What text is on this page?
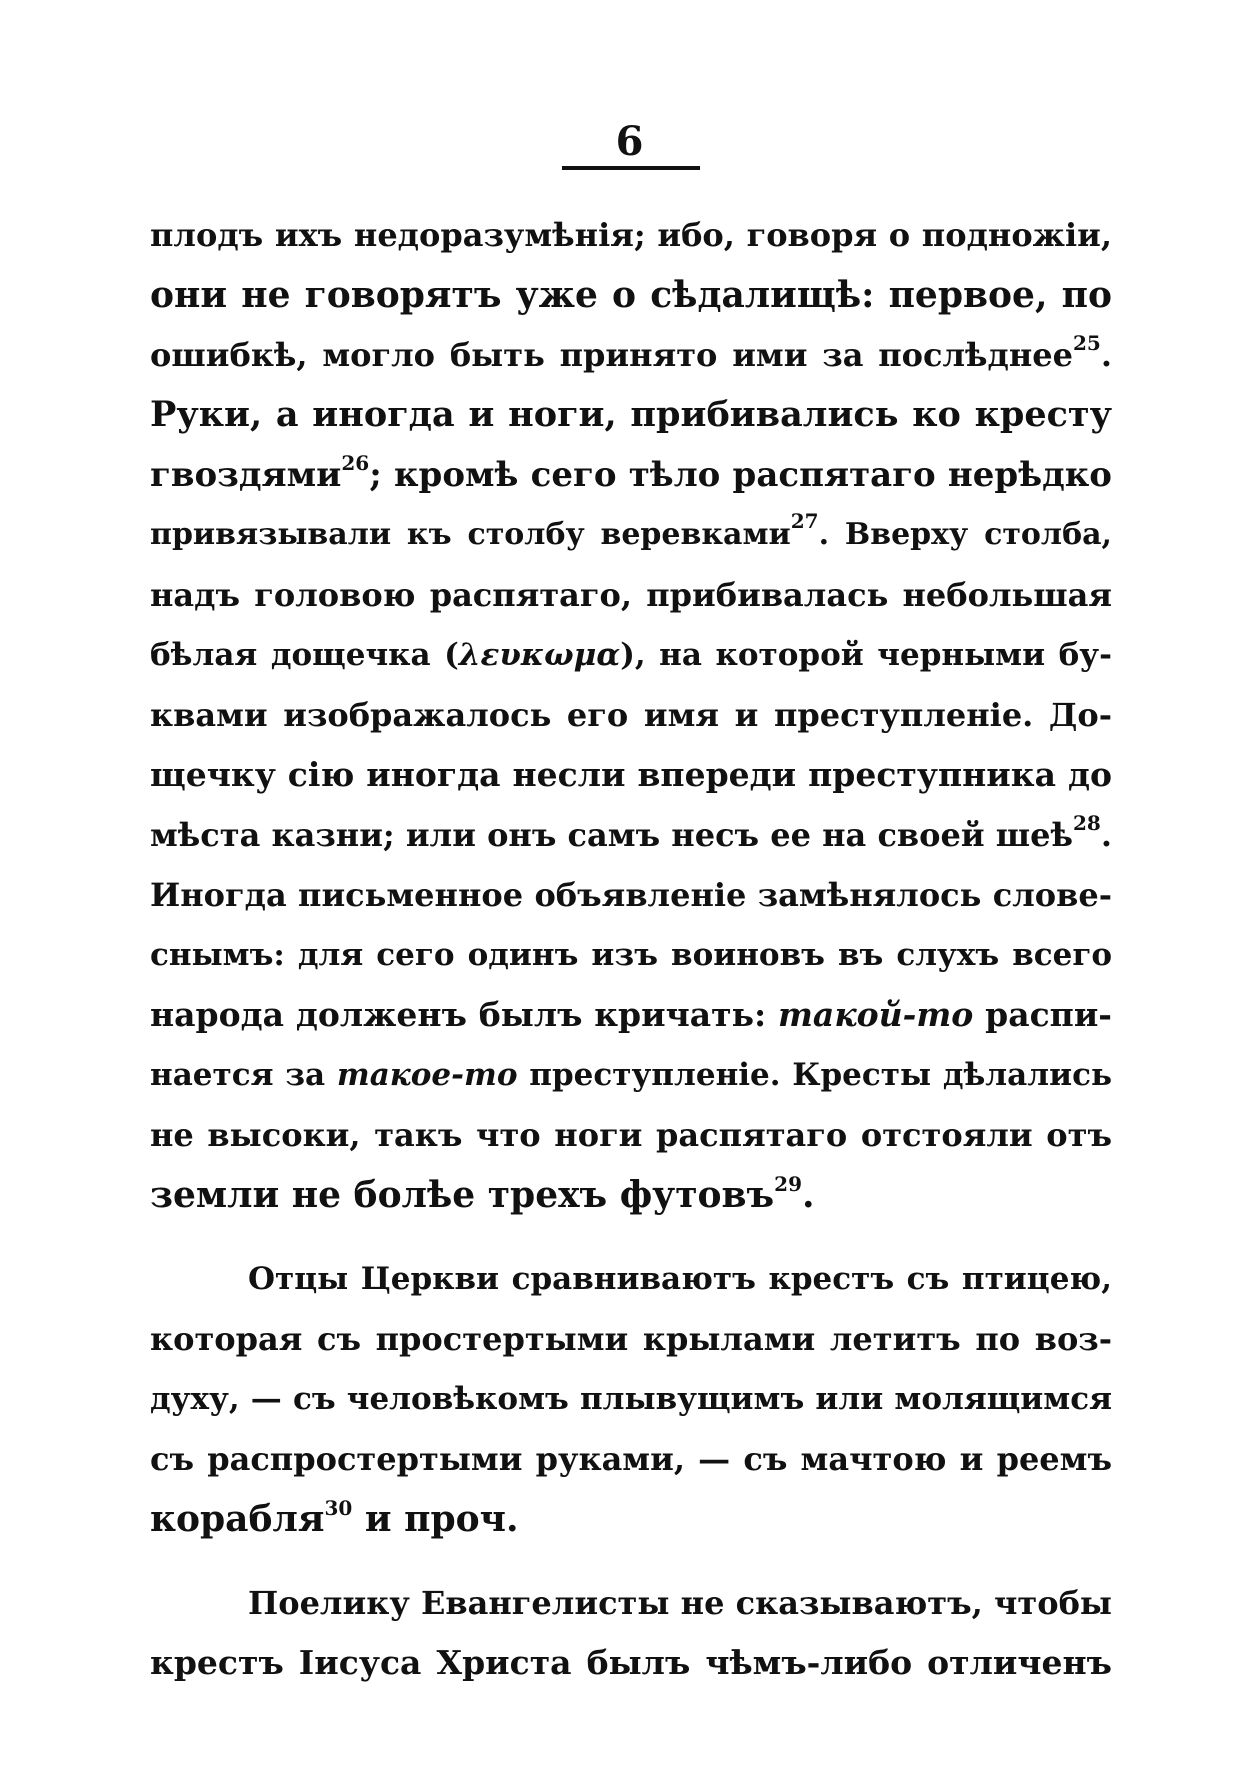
6
плодъ ихъ недоразумѣнія; ибо, говоря о подножіи,
они не говорятъ уже о сѣдалищѣ: первое, по
ошибкѣ, могло быть принято ими за послѣднее$^{25}$.
Руки, а иногда и ноги, прибивались ко кресту
гвоздями$^{26}$; кромѣ сего тѣло распятаго нерѣдко
привязывали къ столбу веревками$^{27}$. Вверху столба,
надъ головою распятаго, прибивалась небольшая
бѣлая дощечка (λευκωμα), на которой черными бу-
квами изображалось его имя и преступленіе. До-
щечку сію иногда несли впереди преступника до
мѣста казни; или онъ самъ несъ ее на своей шеѣ$^{28}$.
Иногда письменное объявленіе замѣнялось слове-
снымъ: для сего одинъ изъ воиновъ въ слухъ всего
народа долженъ былъ кричать: такой-то распи-
нается за такое-то преступленіе. Кресты дѣлались
не высоки, такъ что ноги распятаго отстояли отъ
земли не болѣе трехъ футовъ$^{29}$.
Отцы Церкви сравниваютъ крестъ съ птицею,
которая съ простертыми крылами летитъ по воз-
духу, — съ человѣкомъ плывущимъ или молящимся
съ распростертыми руками, — съ мачтою и реемъ
корабля$^{30}$ и проч.
Поелику Евангелисты не сказываютъ, чтобы
крестъ Іисуса Христа былъ чѣмъ-либо отличенъ
